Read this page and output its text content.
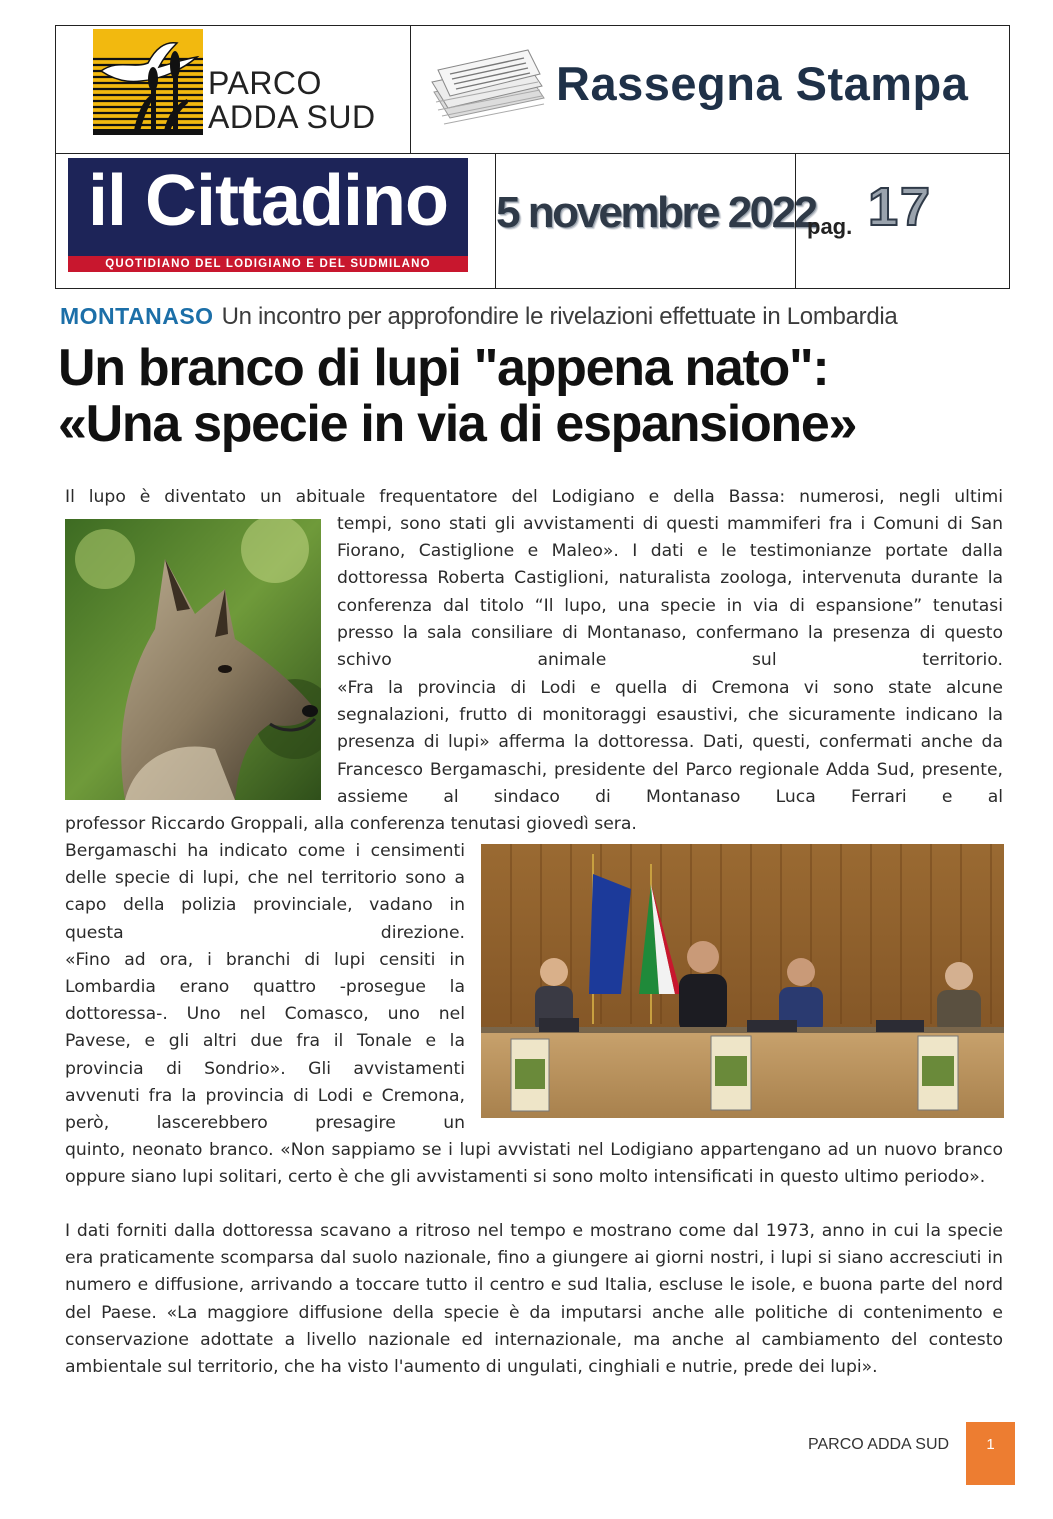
PARCO
ADDA SUD
Rassegna Stampa
il Cittadino
QUOTIDIANO DEL LODIGIANO E DEL SUDMILANO
5 novembre 2022
pag. 17
MONTANASO Un incontro per approfondire le rivelazioni effettuate in Lombardia
Un branco di lupi "appena nato":
«Una specie in via di espansione»

Il lupo è diventato un abituale frequentatore del Lodigiano e della Bassa: numerosi, negli ultimi

tempi, sono stati gli avvistamenti di questi mammiferi fra i Comuni di San Fiorano, Castiglione e Maleo». I dati e le testimonianze portate dalla dottoressa Roberta Castiglioni, naturalista zoologa, intervenuta durante la conferenza dal titolo “Il lupo, una specie in via di espansione” tenutasi presso la sala consiliare di Montanaso, confermano la presenza di questo schivo animale sul territorio.

«Fra la provincia di Lodi e quella di Cremona vi sono state alcune segnalazioni, frutto di monitoraggi esaustivi, che sicuramente indicano la presenza di lupi» afferma la dottoressa. Dati, questi, confermati anche da Francesco Bergamaschi, presidente del Parco regionale Adda Sud, presente, assieme al sindaco di Montanaso Luca Ferrari e al

professor Riccardo Groppali, alla conferenza tenutasi giovedì sera.

Bergamaschi ha indicato come i censimenti delle specie di lupi, che nel territorio sono a capo della polizia provinciale, vadano in questa direzione.
«Fino ad ora, i branchi di lupi censiti in Lombardia erano quattro -prosegue la dottoressa-. Uno nel Comasco, uno nel Pavese, e gli altri due fra il Tonale e la provincia di Sondrio». Gli avvistamenti avvenuti fra la provincia di Lodi e Cremona, però, lascerebbero presagire un

quinto, neonato branco. «Non sappiamo se i lupi avvistati nel Lodigiano appartengano ad un nuovo branco oppure siano lupi solitari, certo è che gli avvistamenti si sono molto intensificati in questo ultimo periodo».

I dati forniti dalla dottoressa scavano a ritroso nel tempo e mostrano come dal 1973, anno in cui la specie era praticamente scomparsa dal suolo nazionale, fino a giungere ai giorni nostri, i lupi si siano accresciuti in numero e diffusione, arrivando a toccare tutto il centro e sud Italia, escluse le isole, e buona parte del nord del Paese. «La maggiore diffusione della specie è da imputarsi anche alle politiche di contenimento e conservazione adottate a livello nazionale ed internazionale, ma anche al cambiamento del contesto ambientale sul territorio, che ha visto l'aumento di ungulati, cinghiali e nutrie, prede dei lupi».

PARCO ADDA SUD	1
